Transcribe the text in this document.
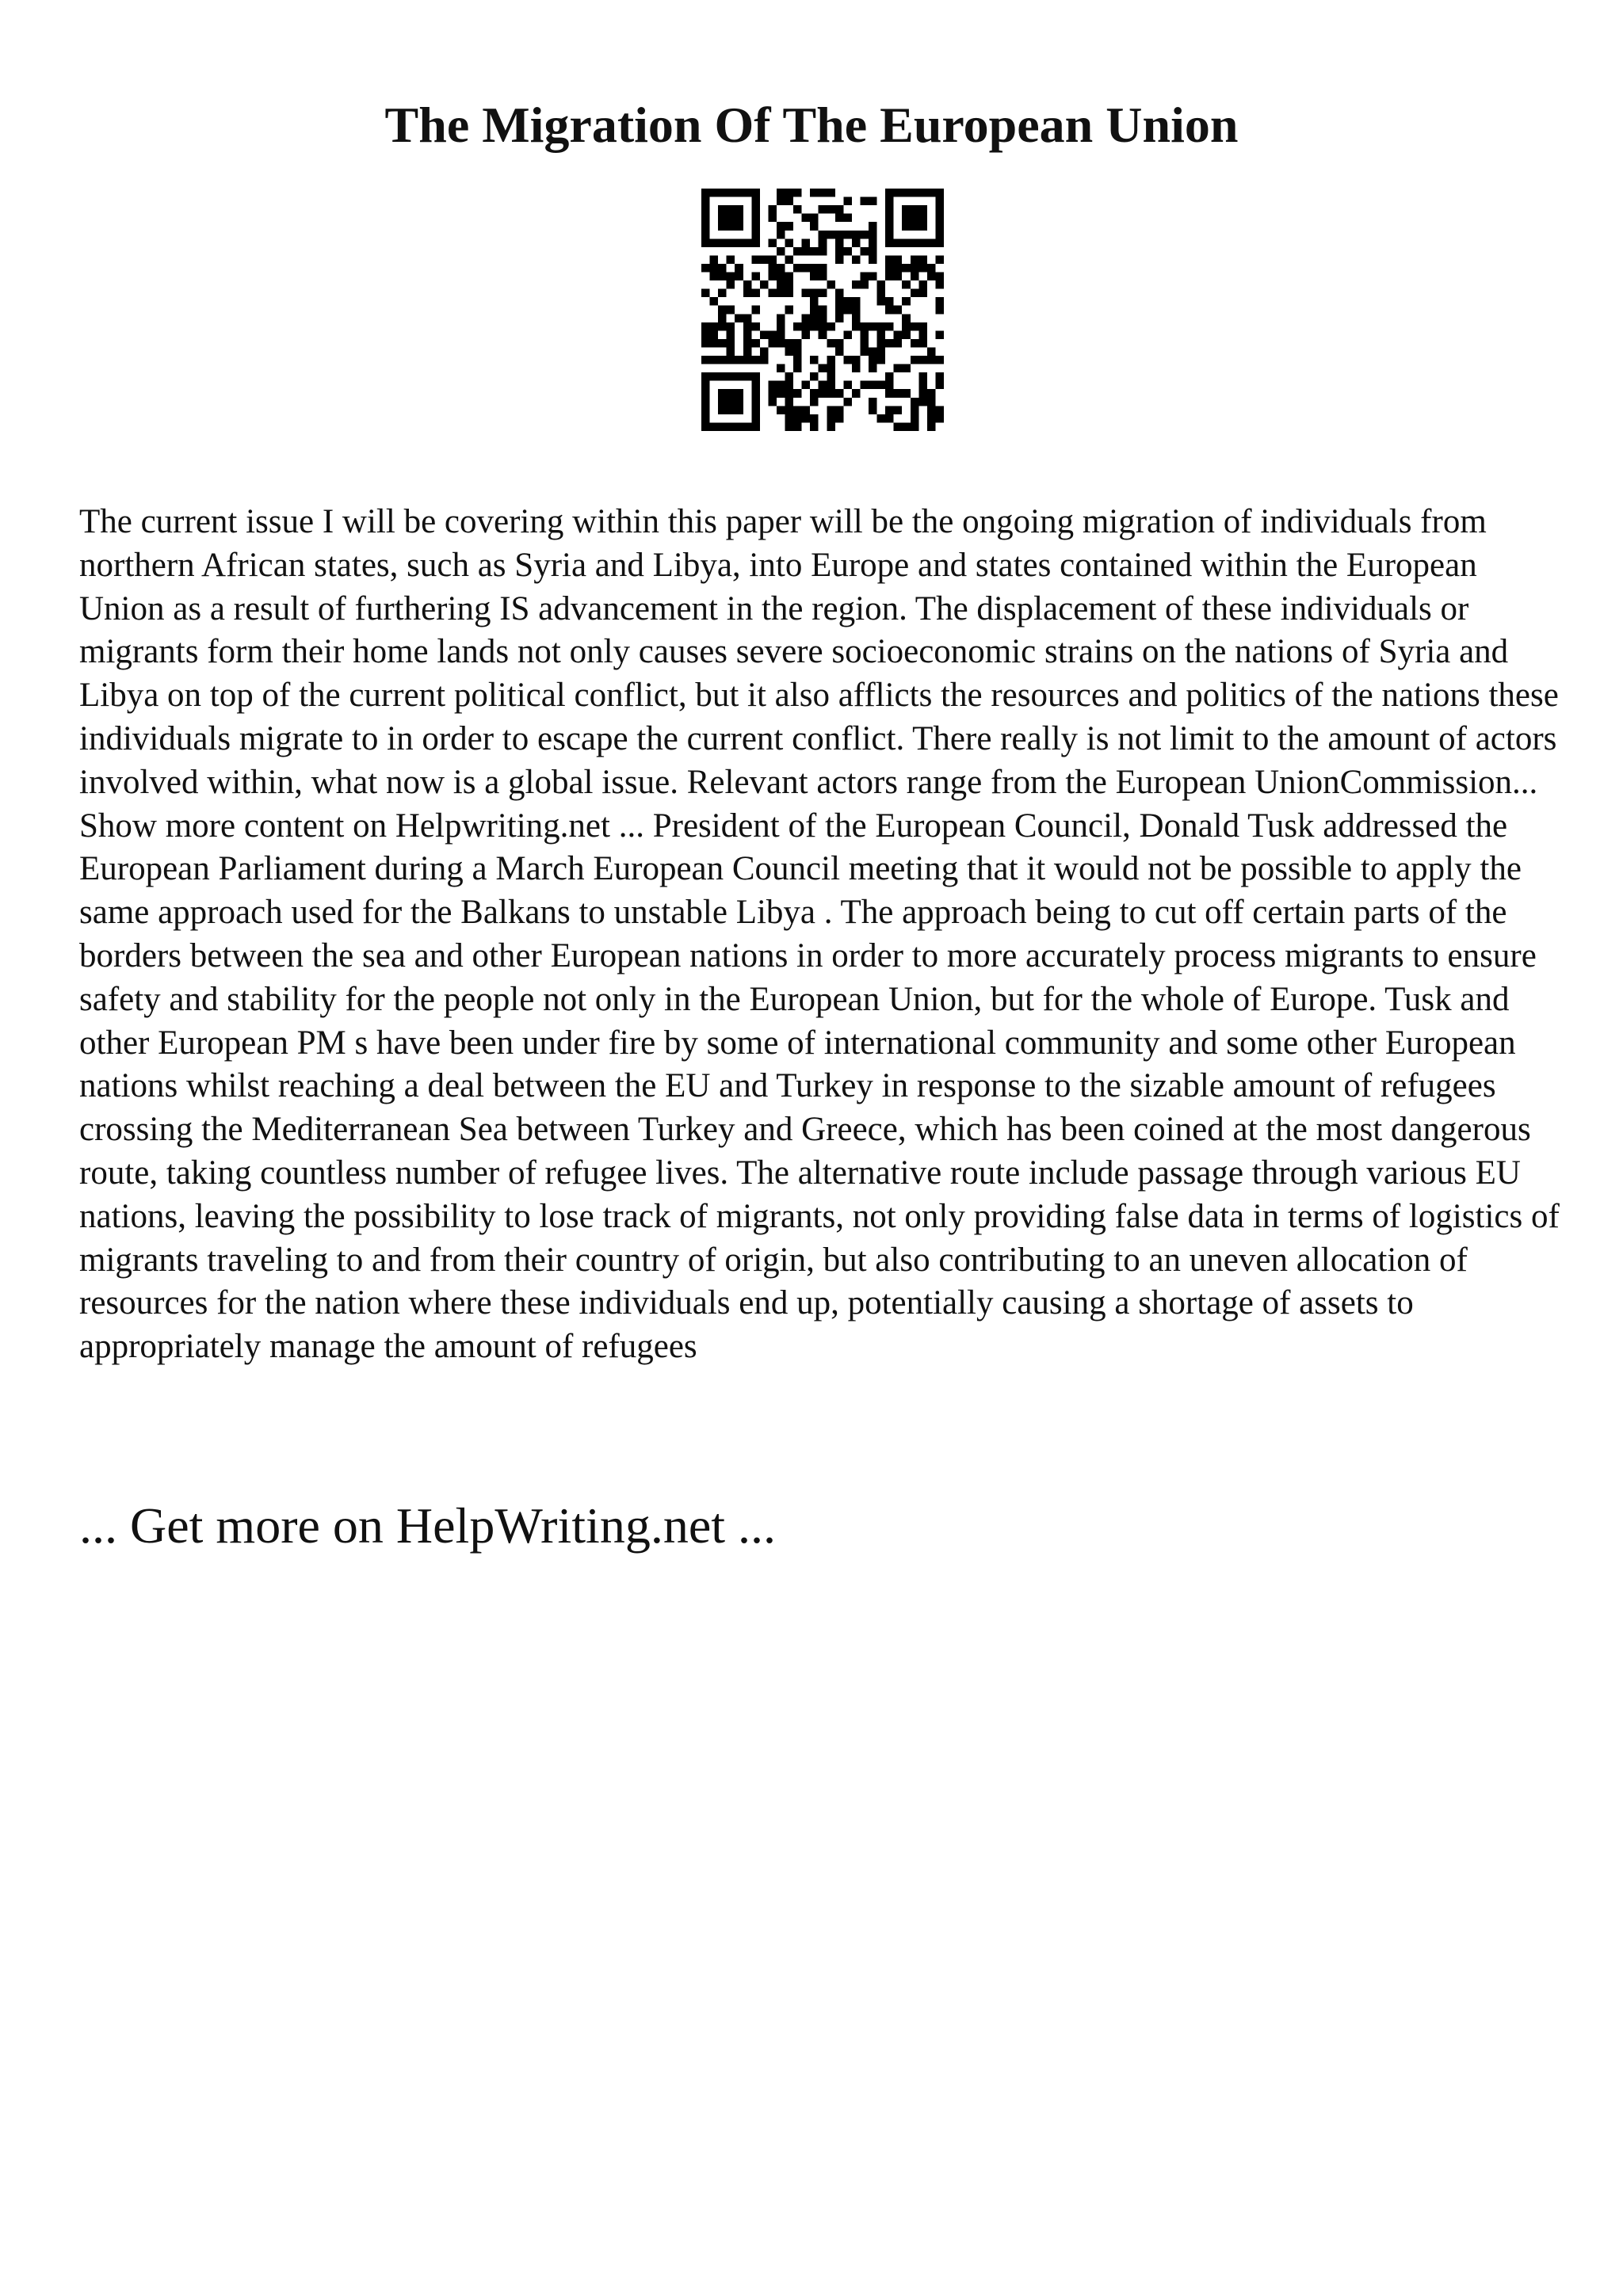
The Migration Of The European Union

The current issue I will be covering within this paper will be the ongoing migration of individuals from northern African states, such as Syria and Libya, into Europe and states contained within the European Union as a result of furthering IS advancement in the region. The displacement of these individuals or migrants form their home lands not only causes severe socioeconomic strains on the nations of Syria and Libya on top of the current political conflict, but it also afflicts the resources and politics of the nations these individuals migrate to in order to escape the current conflict. There really is not limit to the amount of actors involved within, what now is a global issue. Relevant actors range from the European UnionCommission... Show more content on Helpwriting.net ... President of the European Council, Donald Tusk addressed the European Parliament during a March European Council meeting that it would not be possible to apply the same approach used for the Balkans to unstable Libya . The approach being to cut off certain parts of the borders between the sea and other European nations in order to more accurately process migrants to ensure safety and stability for the people not only in the European Union, but for the whole of Europe. Tusk and other European PM s have been under fire by some of international community and some other European nations whilst reaching a deal between the EU and Turkey in response to the sizable amount of refugees crossing the Mediterranean Sea between Turkey and Greece, which has been coined at the most dangerous route, taking countless number of refugee lives. The alternative route include passage through various EU nations, leaving the possibility to lose track of migrants, not only providing false data in terms of logistics of migrants traveling to and from their country of origin, but also contributing to an uneven allocation of resources for the nation where these individuals end up, potentially causing a shortage of assets to appropriately manage the amount of refugees

... Get more on HelpWriting.net ...
